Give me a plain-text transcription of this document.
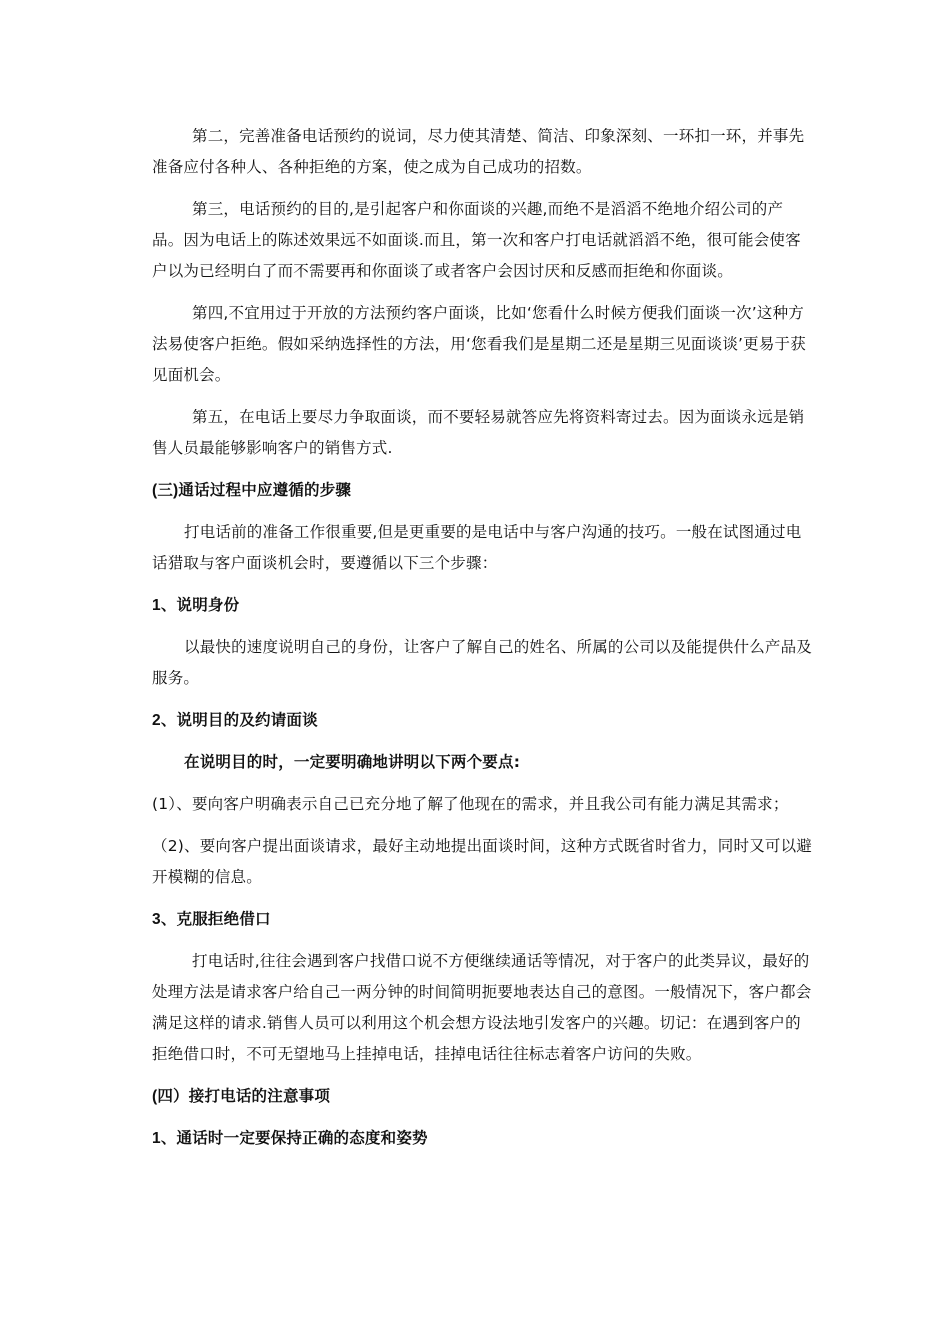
第二，完善准备电话预约的说词，尽力使其清楚、简洁、印象深刻、一环扣一环，并事先准备应付各种人、各种拒绝的方案，使之成为自己成功的招数。

第三，电话预约的目的,是引起客户和你面谈的兴趣,而绝不是滔滔不绝地介绍公司的产品。因为电话上的陈述效果远不如面谈.而且，第一次和客户打电话就滔滔不绝，很可能会使客户以为已经明白了而不需要再和你面谈了或者客户会因讨厌和反感而拒绝和你面谈。

第四,不宜用过于开放的方法预约客户面谈，比如‘您看什么时候方便我们面谈一次’这种方法易使客户拒绝。假如采纳选择性的方法，用‘您看我们是星期二还是星期三见面谈谈’更易于获见面机会。

第五，在电话上要尽力争取面谈，而不要轻易就答应先将资料寄过去。因为面谈永远是销售人员最能够影响客户的销售方式.

(三)通话过程中应遵循的步骤

打电话前的准备工作很重要,但是更重要的是电话中与客户沟通的技巧。一般在试图通过电话猎取与客户面谈机会时，要遵循以下三个步骤：

1、说明身份

以最快的速度说明自己的身份，让客户了解自己的姓名、所属的公司以及能提供什么产品及服务。

2、说明目的及约请面谈

在说明目的时，一定要明确地讲明以下两个要点:

(1）、要向客户明确表示自己已充分地了解了他现在的需求，并且我公司有能力满足其需求；

（2)、要向客户提出面谈请求，最好主动地提出面谈时间，这种方式既省时省力，同时又可以避开模糊的信息。

3、克服拒绝借口

打电话时,往往会遇到客户找借口说不方便继续通话等情况，对于客户的此类异议，最好的处理方法是请求客户给自己一两分钟的时间简明扼要地表达自己的意图。一般情况下，客户都会满足这样的请求.销售人员可以利用这个机会想方设法地引发客户的兴趣。切记：在遇到客户的拒绝借口时，不可无望地马上挂掉电话，挂掉电话往往标志着客户访问的失败。

(四）接打电话的注意事项

1、通话时一定要保持正确的态度和姿势
